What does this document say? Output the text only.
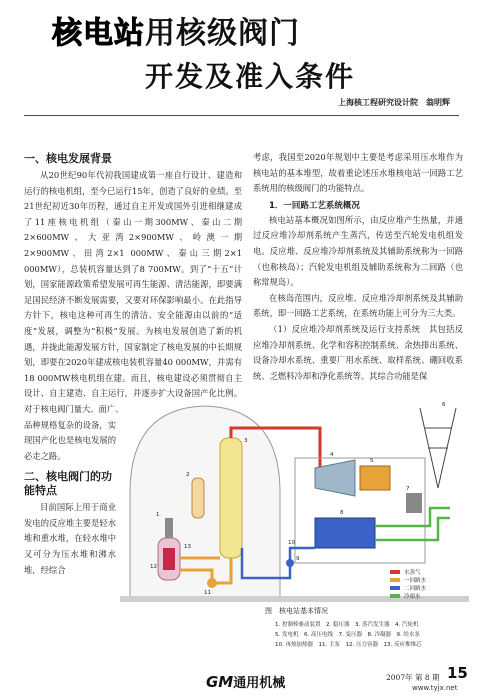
核电站用核级阀门
开发及准入条件
上海核工程研究设计院　翁明辉
一、核电发展背景

从20世纪90年代初我国建成第一座自行设计、建造和运行的核电机组，至今已运行15年，创造了良好的业绩。至21世纪初近30年历程，通过自主开发或国外引进相继建成了11座核电机组（秦山一期300MW、秦山二期2×600MW、大亚湾2×900MW、岭澳一期2×900MW、田湾2×1 000MW、秦山三期2×1 000MW），总装机容量达到了8 700MW。到了“十五”计划，国家能源政策希望发展可再生能源、清洁能源，即要满足国民经济不断发展需要，又要对环保影响最小。在此指导方针下，核电这种可再生的清洁、安全能源由以前的“适度”发展，调整为“积极”发展。为核电发展创造了新的机遇，并拢此能源发展方针，国家制定了核电发展的中长期规划，即要在2020年建成核电装机容量40 000MW，并需有18 000MW核电机组在建。而且，核电建设必须贯彻自主设计、自主建造、自主运行，并逐步扩大设备国产化比例。对于核电阀门量大、面广、

品种规格复杂的设备，实现国产化也是核电发展的必走之路。

二、核电阀门的功能特点

目前国际上用于商业发电的反应堆主要是轻水堆和重水堆，在轻水堆中又可分为压水堆和沸水堆，经综合

考虑，我国至2020年规划中主要是考虑采用压水堆作为核电站的基本堆型，故着重论述压水堆核电站一回路工艺系统用的核级阀门的功能特点。

1．一回路工艺系统概况

核电站基本概况如图所示，由反应堆产生热量，并通过反应堆冷却剂系统产生蒸汽，传送至汽轮发电机组发电。反应堆、反应堆冷却剂系统及其辅助系统称为一回路（也称核岛）；汽轮发电机组及辅助系统称为二回路（也称常规岛）。

在核岛范围内，反应堆、反应堆冷却剂系统及其辅助系统，即一回路工艺系统，在系统功能上可分为三大类。

（1）反应堆冷却剂系统及运行支持系统　其包括反应堆冷却剂系统、化学和容积控制系统、余热排出系统、设备冷却水系统、重要厂用水系统、取样系统、硼回收系统、乏燃料冷却和净化系统等。其综合功能是保

水蒸气
一回路水
二回路水
冷却水
1
2
3
4
5
6
7
8
9
10
11
12
13
图　核电站基本情况
1. 控制棒驱动装置　2. 稳压器　3. 蒸汽发生器　4. 汽轮机
5. 发电机　6. 高压电线　7. 变压器　8. 冷凝器　9. 给水泵
10. 再热加热器　11. 主泵　12. 压力容器　13. 反应堆堆芯
GM通用机械	2007年 第 8 期 15
www.tyjx.net
